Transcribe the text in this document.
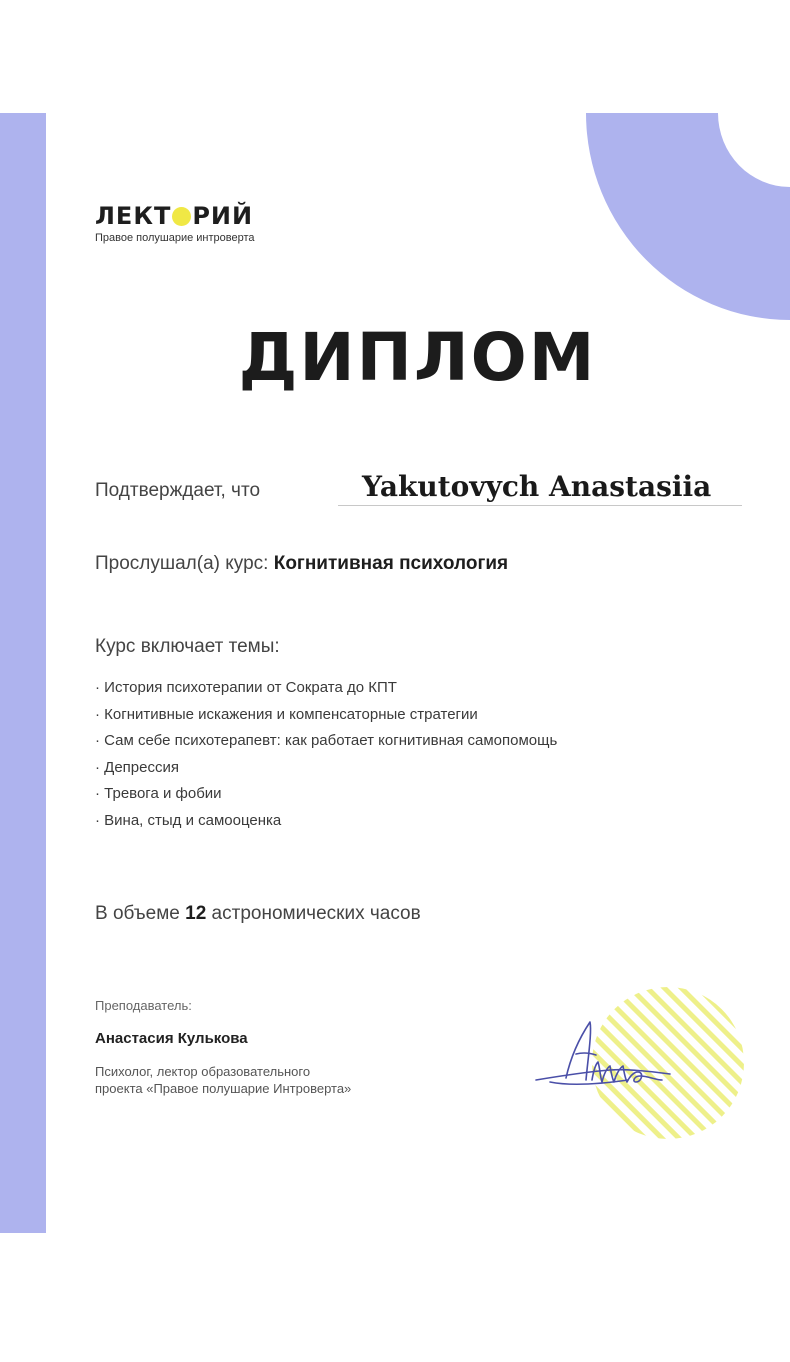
ЛЕКТ РИЙ
Правое полушарие интроверта
ДИПЛОМ
Подтверждает, что	Yakutovych Anastasiia
Прослушал(а) курс: Когнитивная психология
Курс включает темы:
· История психотерапии от Сократа до КПТ
· Когнитивные искажения и компенсаторные стратегии
· Сам себе психотерапевт: как работает когнитивная самопомощь
· Депрессия
· Тревога и фобии
· Вина, стыд и самооценка
В объеме 12 астрономических часов
Преподаватель:
Анастасия Кулькова
Психолог, лектор образовательного
проекта «Правое полушарие Интроверта»
